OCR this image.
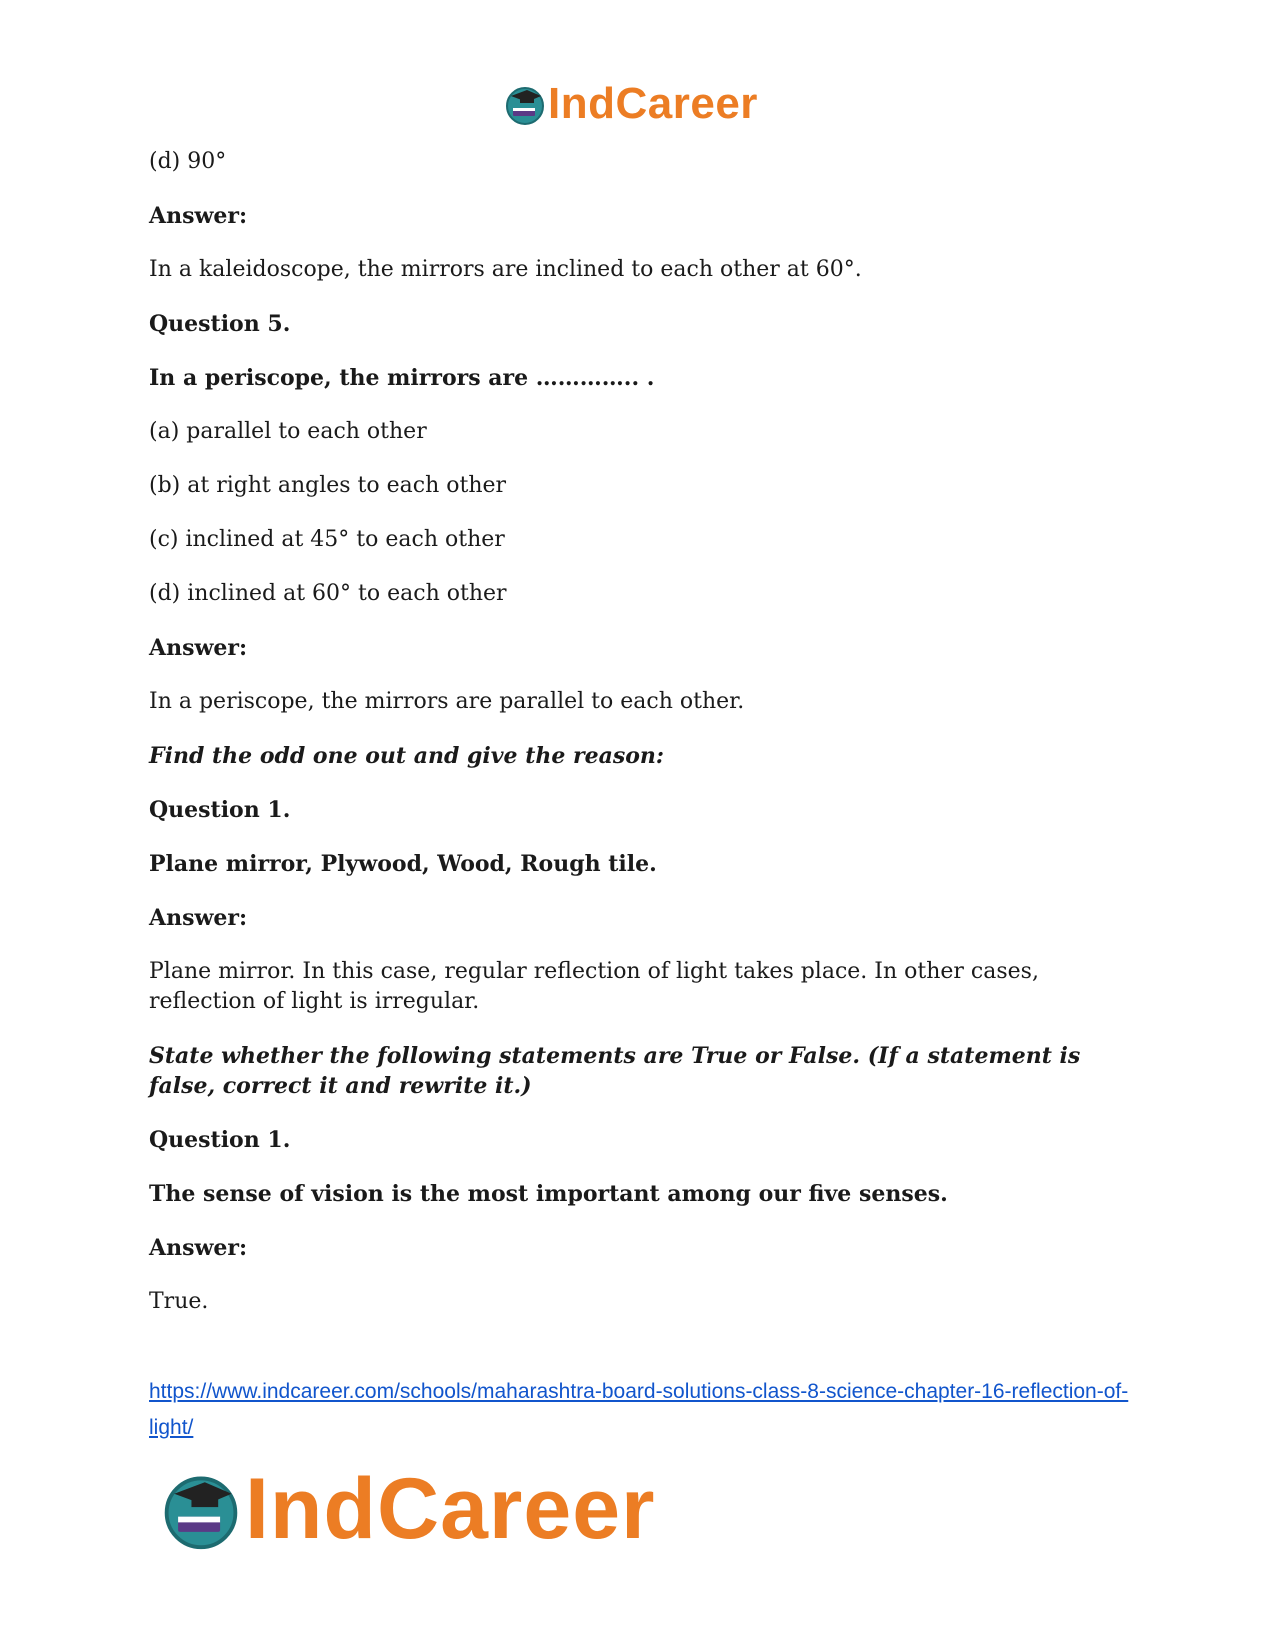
IndCareer

(d) 90°

Answer:

In a kaleidoscope, the mirrors are inclined to each other at 60°.

Question 5.

In a periscope, the mirrors are ………….. .

(a) parallel to each other

(b) at right angles to each other

(c) inclined at 45° to each other

(d) inclined at 60° to each other

Answer:

In a periscope, the mirrors are parallel to each other.

Find the odd one out and give the reason:

Question 1.

Plane mirror, Plywood, Wood, Rough tile.

Answer:

Plane mirror. In this case, regular reflection of light takes place. In other cases, reflection of light is irregular.

State whether the following statements are True or False. (If a statement is false, correct it and rewrite it.)

Question 1.

The sense of vision is the most important among our five senses.

Answer:

True.

https://www.indcareer.com/schools/maharashtra-board-solutions-class-8-science-chapter-16-reflection-of-light/
IndCareer
